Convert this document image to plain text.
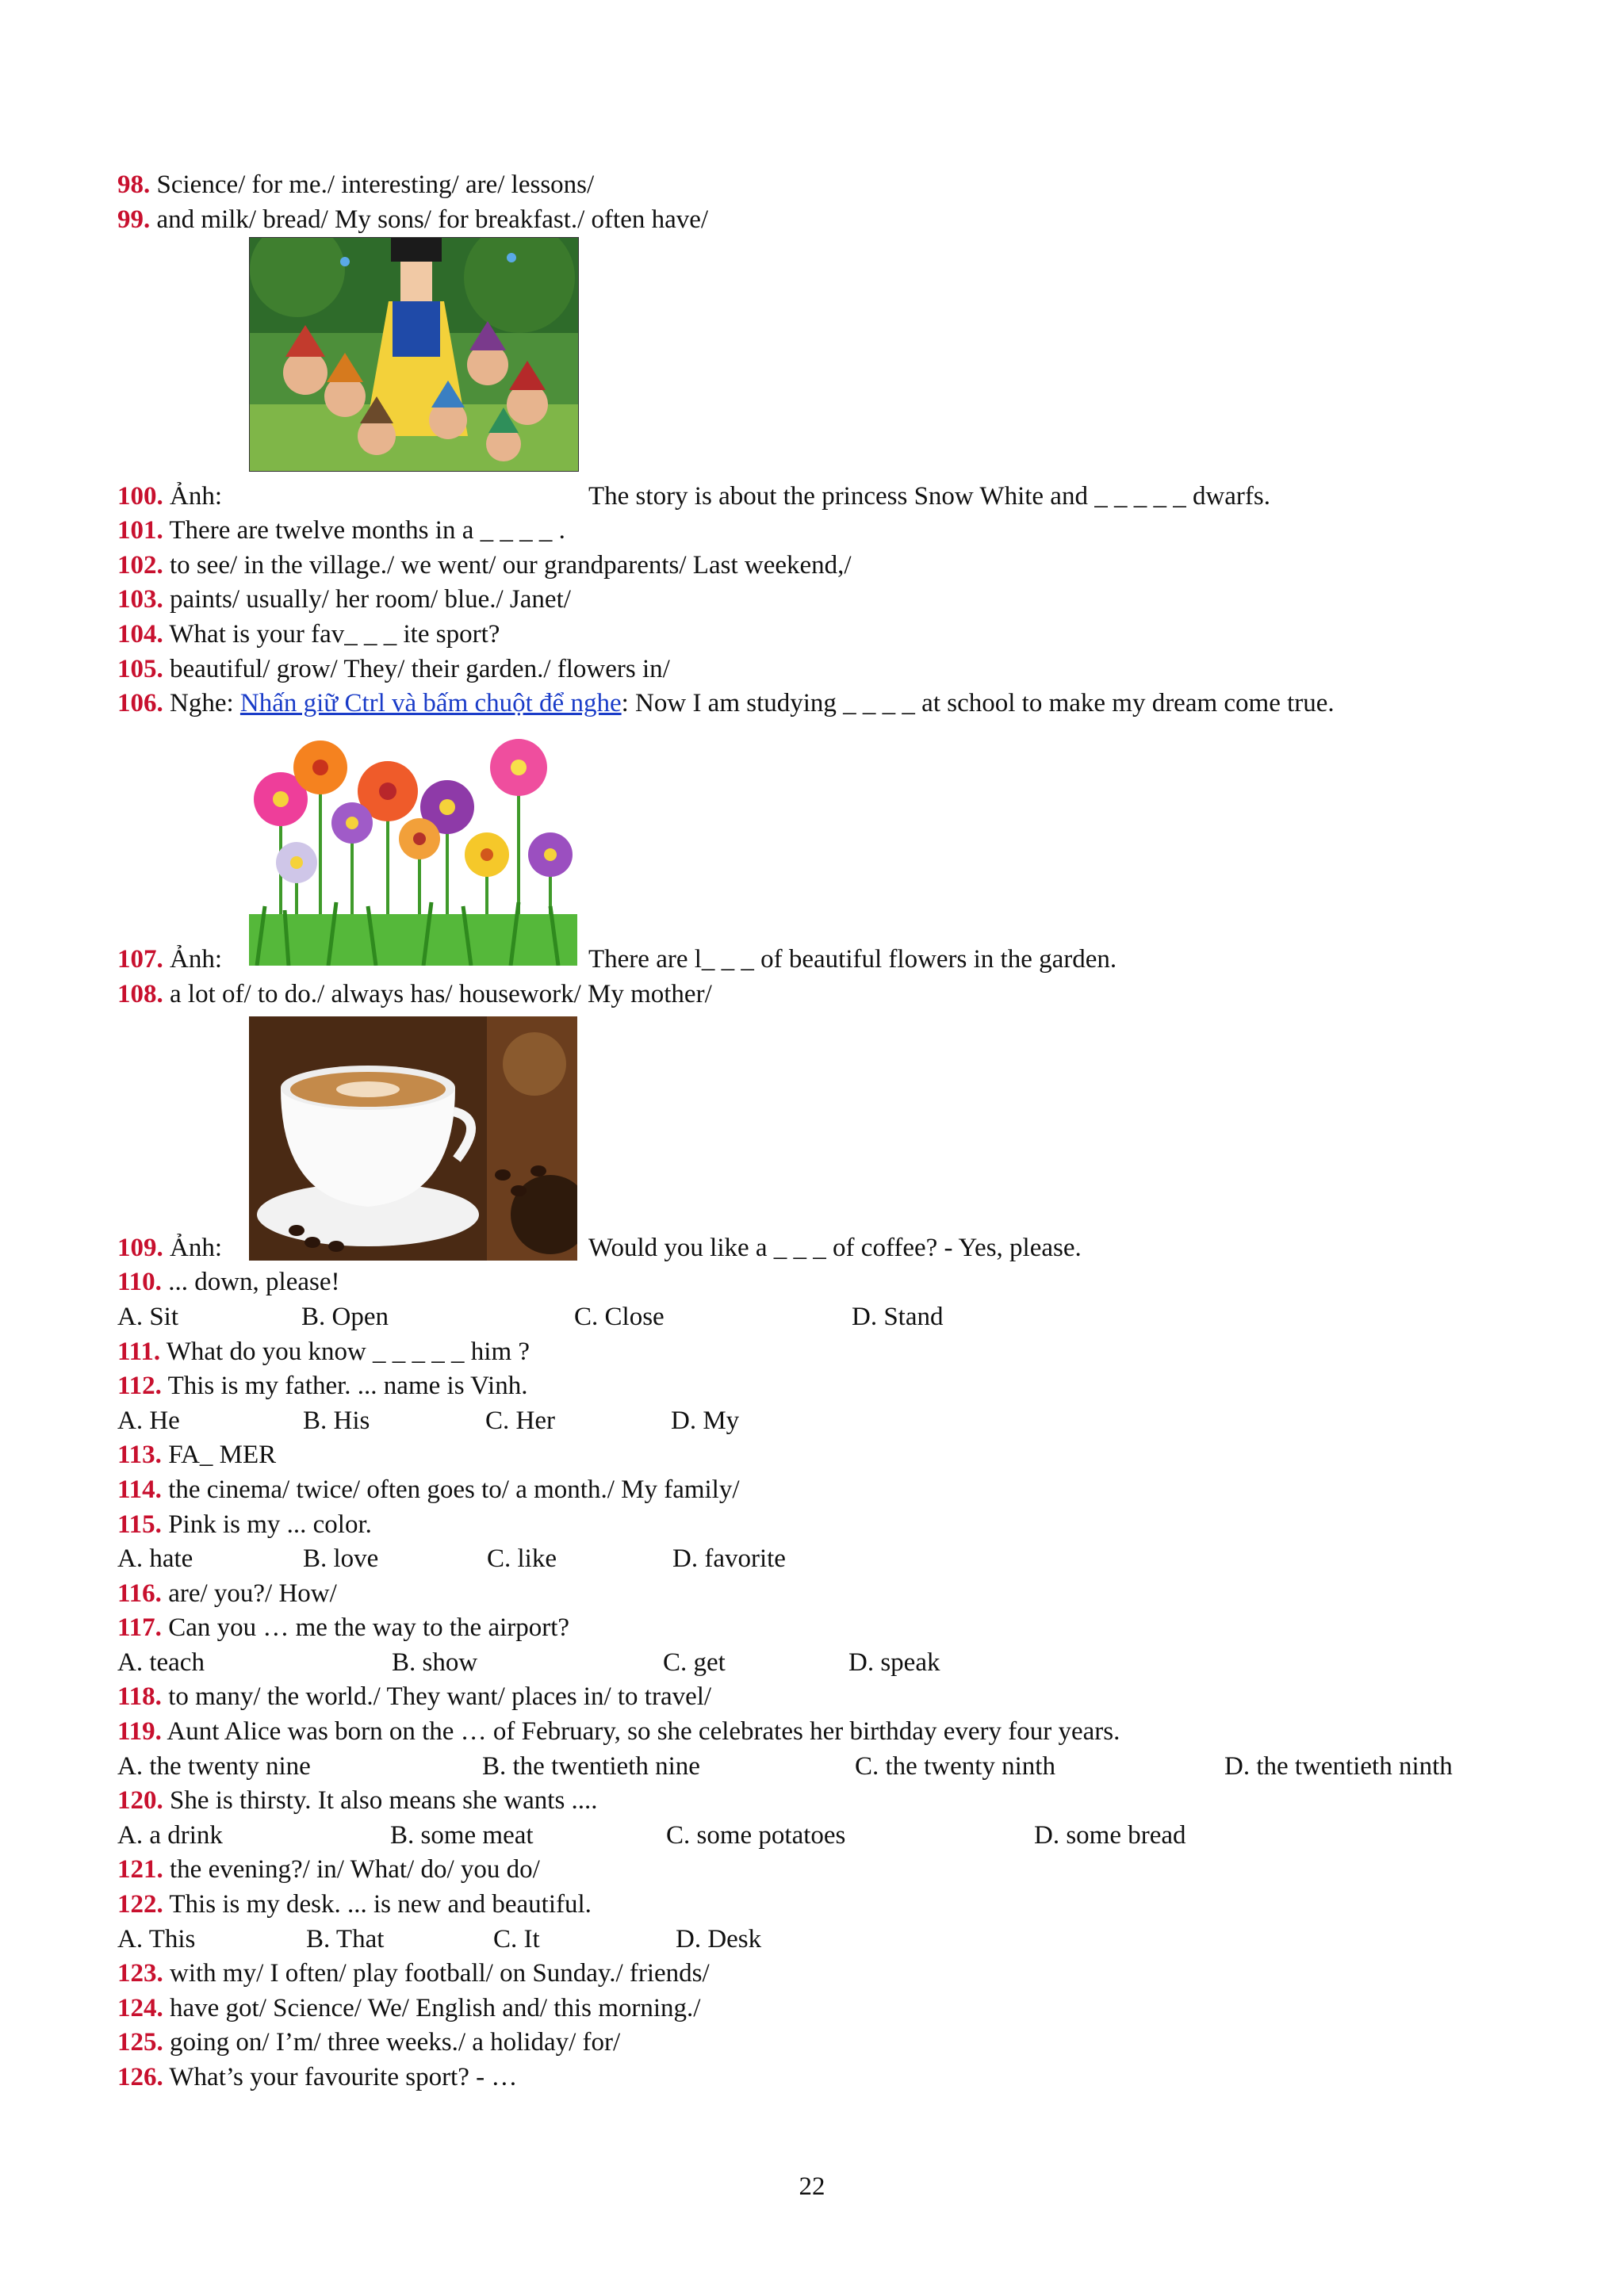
98. Science/ for me./ interesting/ are/ lessons/
99. and milk/ bread/ My sons/ for breakfast./ often have/
100. Ảnh:	The story is about the princess Snow White and _ _ _ _ _ dwarfs.
101. There are twelve months in a _ _ _ _ .
102. to see/ in the village./ we went/ our grandparents/ Last weekend,/
103. paints/ usually/ her room/ blue./ Janet/
104. What is your fav_ _ _ ite sport?
105. beautiful/ grow/ They/ their garden./ flowers in/
106. Nghe: Nhấn giữ Ctrl và bấm chuột để nghe: Now I am studying _ _ _ _ at school to make my dream come true.
107. Ảnh:	There are l_ _ _ of beautiful flowers in the garden.
108. a lot of/ to do./ always has/ housework/ My mother/
109. Ảnh:	Would you like a _ _ _ of coffee? - Yes, please.
110. ... down, please!
A. Sit	B. Open	C. Close	D. Stand
111. What do you know _ _ _ _ _ him ?
112. This is my father. ... name is Vinh.
A. He	B. His	C. Her	D. My
113. FA_ MER
114. the cinema/ twice/ often goes to/ a month./ My family/
115. Pink is my ... color.
A. hate	B. love	C. like	D. favorite
116. are/ you?/ How/
117. Can you … me the way to the airport?
A. teach	B. show	C. get	D. speak
118. to many/ the world./ They want/ places in/ to travel/
119. Aunt Alice was born on the … of February, so she celebrates her birthday every four years.
A. the twenty nine	B. the twentieth nine	C. the twenty ninth	D. the twentieth ninth
120. She is thirsty. It also means she wants ....
A. a drink	B. some meat	C. some potatoes	D. some bread
121. the evening?/ in/ What/ do/ you do/
122. This is my desk. ... is new and beautiful.
A. This	B. That	C. It	D. Desk
123. with my/ I often/ play football/ on Sunday./ friends/
124. have got/ Science/ We/ English and/ this morning./
125. going on/ I’m/ three weeks./ a holiday/ for/
126. What’s your favourite sport? - …
22
